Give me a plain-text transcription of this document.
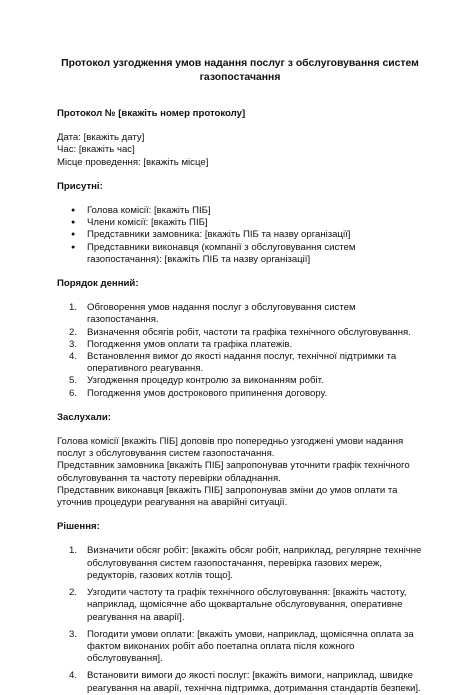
Протокол узгодження умов надання послуг з обслуговування систем газопостачання

Протокол № [вкажіть номер протоколу]

Дата: [вкажіть дату]

Час: [вкажіть час]

Місце проведення: [вкажіть місце]

Присутні:

● Голова комісії: [вкажіть ПІБ]
● Члени комісії: [вкажіть ПІБ]
● Представники замовника: [вкажіть ПІБ та назву організації]
● Представники виконавця (компанії з обслуговування систем газопостачання): [вкажіть ПІБ та назву організації]

Порядок денний:

1. Обговорення умов надання послуг з обслуговування систем газопостачання.
2. Визначення обсягів робіт, частоти та графіка технічного обслуговування.
3. Погодження умов оплати та графіка платежів.
4. Встановлення вимог до якості надання послуг, технічної підтримки та оперативного реагування.
5. Узгодження процедур контролю за виконанням робіт.
6. Погодження умов дострокового припинення договору.

Заслухали:

Голова комісії [вкажіть ПІБ] доповів про попередньо узгоджені умови надання послуг з обслуговування систем газопостачання.

Представник замовника [вкажіть ПІБ] запропонував уточнити графік технічного обслуговування та частоту перевірки обладнання.

Представник виконавця [вкажіть ПІБ] запропонував зміни до умов оплати та уточнив процедури реагування на аварійні ситуації.

Рішення:

1. Визначити обсяг робіт: [вкажіть обсяг робіт, наприклад, регулярне технічне обслуговування систем газопостачання, перевірка газових мереж, редукторів, газових котлів тощо].
2. Узгодити частоту та графік технічного обслуговування: [вкажіть частоту, наприклад, щомісячне або щоквартальне обслуговування, оперативне реагування на аварії].
3. Погодити умови оплати: [вкажіть умови, наприклад, щомісячна оплата за фактом виконаних робіт або поетапна оплата після кожного обслуговування].
4. Встановити вимоги до якості послуг: [вкажіть вимоги, наприклад, швидке реагування на аварії, технічна підтримка, дотримання стандартів безпеки].
